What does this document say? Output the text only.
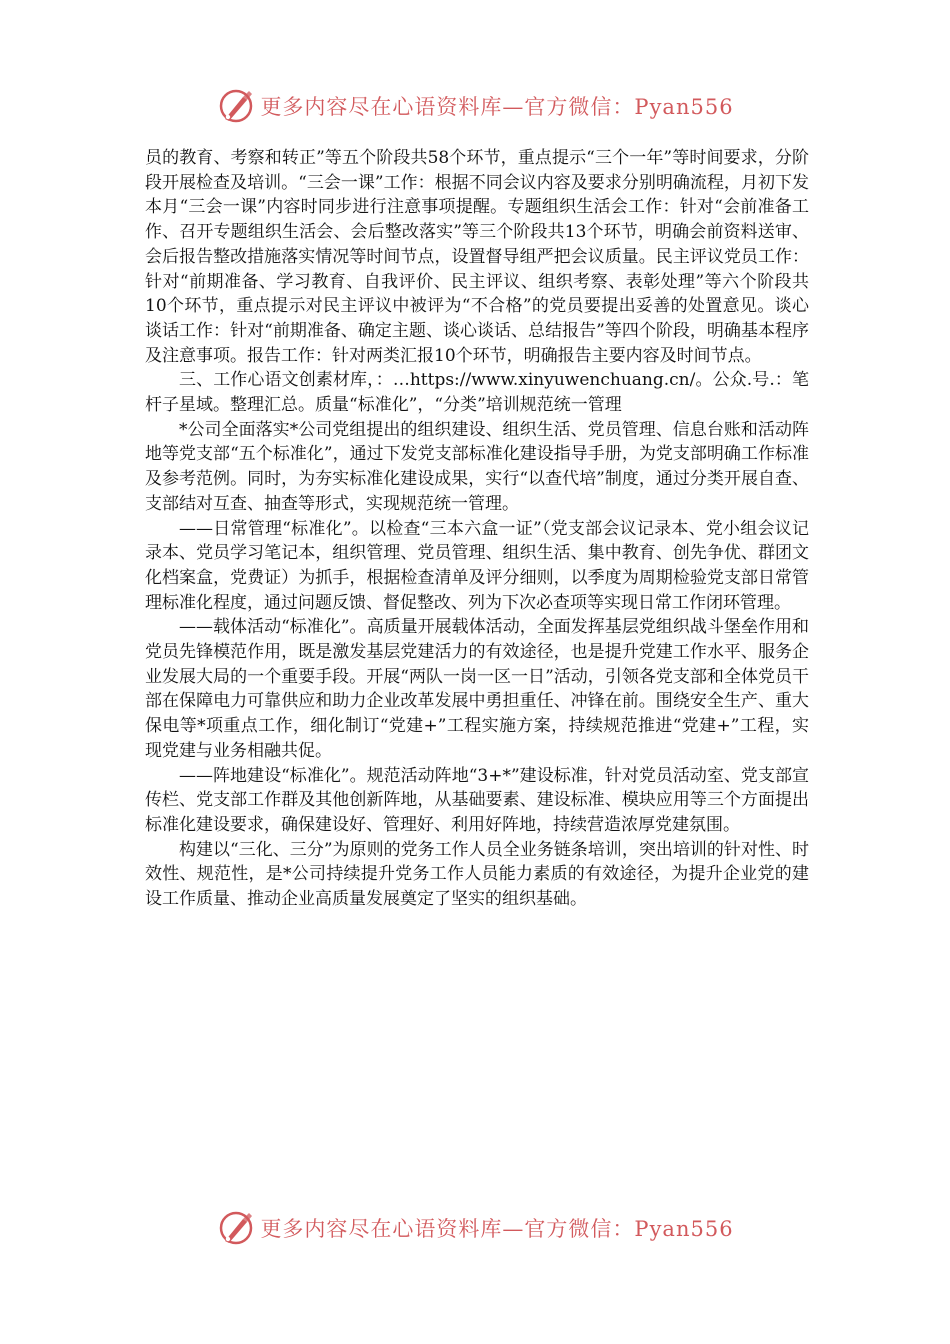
更多内容尽在心语资料库—官方微信：Pyan556

员的教育、考察和转正”等五个阶段共58个环节，重点提示“三个一年”等时间要求，分阶段开展检查及培训。“三会一课”工作：根据不同会议内容及要求分别明确流程，月初下发本月“三会一课”内容时同步进行注意事项提醒。专题组织生活会工作：针对“会前准备工作、召开专题组织生活会、会后整改落实”等三个阶段共13个环节，明确会前资料送审、会后报告整改措施落实情况等时间节点，设置督导组严把会议质量。民主评议党员工作：针对“前期准备、学习教育、自我评价、民主评议、组织考察、表彰处理”等六个阶段共10个环节，重点提示对民主评议中被评为“不合格”的党员要提出妥善的处置意见。谈心谈话工作：针对“前期准备、确定主题、谈心谈话、总结报告”等四个阶段，明确基本程序及注意事项。报告工作：针对两类汇报10个环节，明确报告主要内容及时间节点。

三、工作心语文创素材库，：…https://www.xinyuwenchuang.cn/。公众.号.：笔杆子星域。整理汇总。质量“标准化”，“分类”培训规范统一管理

*公司全面落实*公司党组提出的组织建设、组织生活、党员管理、信息台账和活动阵地等党支部“五个标准化”，通过下发党支部标准化建设指导手册，为党支部明确工作标准及参考范例。同时，为夯实标准化建设成果，实行“以查代培”制度，通过分类开展自查、支部结对互查、抽查等形式，实现规范统一管理。

——日常管理“标准化”。以检查“三本六盒一证”（党支部会议记录本、党小组会议记录本、党员学习笔记本，组织管理、党员管理、组织生活、集中教育、创先争优、群团文化档案盒，党费证）为抓手，根据检查清单及评分细则，以季度为周期检验党支部日常管理标准化程度，通过问题反馈、督促整改、列为下次必查项等实现日常工作闭环管理。

——载体活动“标准化”。高质量开展载体活动，全面发挥基层党组织战斗堡垒作用和党员先锋模范作用，既是激发基层党建活力的有效途径，也是提升党建工作水平、服务企业发展大局的一个重要手段。开展“两队一岗一区一日”活动，引领各党支部和全体党员干部在保障电力可靠供应和助力企业改革发展中勇担重任、冲锋在前。围绕安全生产、重大保电等*项重点工作，细化制订“党建+”工程实施方案，持续规范推进“党建+”工程，实现党建与业务相融共促。

——阵地建设“标准化”。规范活动阵地“3+*”建设标准，针对党员活动室、党支部宣传栏、党支部工作群及其他创新阵地，从基础要素、建设标准、模块应用等三个方面提出标准化建设要求，确保建设好、管理好、利用好阵地，持续营造浓厚党建氛围。

构建以“三化、三分”为原则的党务工作人员全业务链条培训，突出培训的针对性、时效性、规范性，是*公司持续提升党务工作人员能力素质的有效途径，为提升企业党的建设工作质量、推动企业高质量发展奠定了坚实的组织基础。

更多内容尽在心语资料库—官方微信：Pyan556
